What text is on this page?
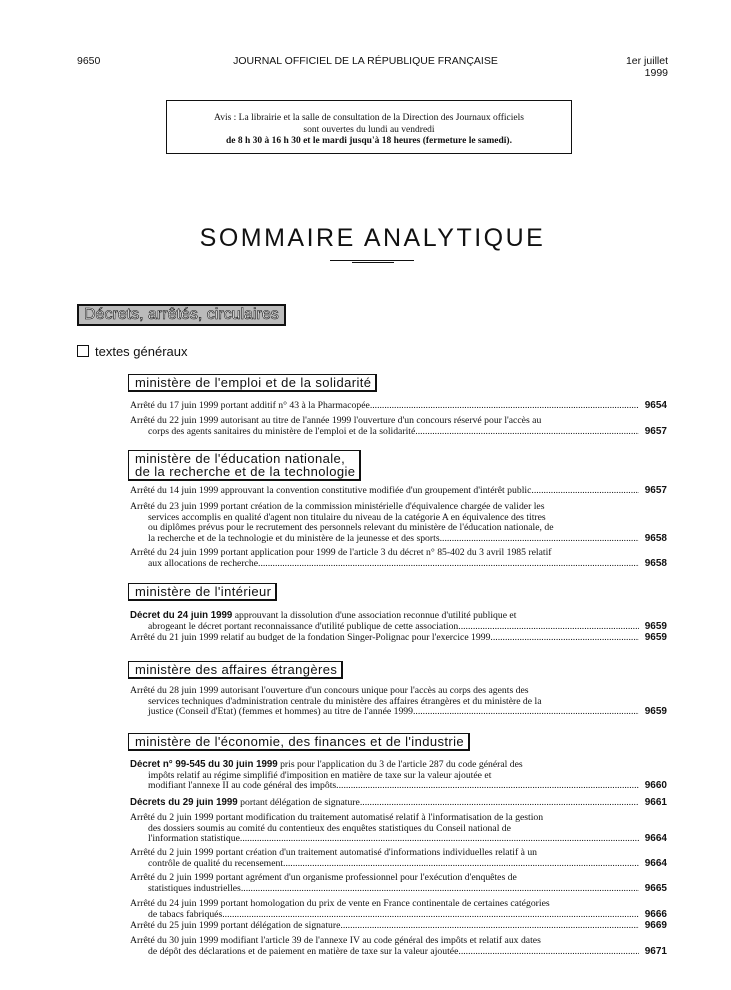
9650	JOURNAL OFFICIEL DE LA RÉPUBLIQUE FRANÇAISE	1er juillet 1999
Avis : La librairie et la salle de consultation de la Direction des Journaux officiels
sont ouvertes du lundi au vendredi
de 8 h 30 à 16 h 30 et le mardi jusqu'à 18 heures (fermeture le samedi).
SOMMAIRE ANALYTIQUE
Décrets, arrêtés, circulaires
textes généraux
ministère de l'emploi et de la solidarité
Arrêté du 17 juin 1999 portant additif n° 43 à la Pharmacopée .....	9654
Arrêté du 22 juin 1999 autorisant au titre de l'année 1999 l'ouverture d'un concours réservé pour l'accès au
corps des agents sanitaires du ministère de l'emploi et de la solidarité .....	9657
ministère de l'éducation nationale,
de la recherche et de la technologie
Arrêté du 14 juin 1999 approuvant la convention constitutive modifiée d'un groupement d'intérêt public .....	9657
Arrêté du 23 juin 1999 portant création de la commission ministérielle d'équivalence chargée de valider les
services accomplis en qualité d'agent non titulaire du niveau de la catégorie A en équivalence des titres
ou diplômes prévus pour le recrutement des personnels relevant du ministère de l'éducation nationale, de
la recherche et de la technologie et du ministère de la jeunesse et des sports .....	9658
Arrêté du 24 juin 1999 portant application pour 1999 de l'article 3 du décret n° 85-402 du 3 avril 1985 relatif
aux allocations de recherche .....	9658
ministère de l'intérieur
Décret du 24 juin 1999 approuvant la dissolution d'une association reconnue d'utilité publique et
abrogeant le décret portant reconnaissance d'utilité publique de cette association .....	9659
Arrêté du 21 juin 1999 relatif au budget de la fondation Singer-Polignac pour l'exercice 1999 .....	9659
ministère des affaires étrangères
Arrêté du 28 juin 1999 autorisant l'ouverture d'un concours unique pour l'accès au corps des agents des
services techniques d'administration centrale du ministère des affaires étrangères et du ministère de la
justice (Conseil d'Etat) (femmes et hommes) au titre de l'année 1999 .....	9659
ministère de l'économie, des finances et de l'industrie
Décret n° 99-545 du 30 juin 1999 pris pour l'application du 3 de l'article 287 du code général des
impôts relatif au régime simplifié d'imposition en matière de taxe sur la valeur ajoutée et
modifiant l'annexe II au code général des impôts .....	9660
Décrets du 29 juin 1999 portant délégation de signature .....	9661
Arrêté du 2 juin 1999 portant modification du traitement automatisé relatif à l'informatisation de la gestion
des dossiers soumis au comité du contentieux des enquêtes statistiques du Conseil national de
l'information statistique .....	9664
Arrêté du 2 juin 1999 portant création d'un traitement automatisé d'informations individuelles relatif à un
contrôle de qualité du recensement .....	9664
Arrêté du 2 juin 1999 portant agrément d'un organisme professionnel pour l'exécution d'enquêtes de
statistiques industrielles .....	9665
Arrêté du 24 juin 1999 portant homologation du prix de vente en France continentale de certaines catégories
de tabacs fabriqués .....	9666
Arrêté du 25 juin 1999 portant délégation de signature .....	9669
Arrêté du 30 juin 1999 modifiant l'article 39 de l'annexe IV au code général des impôts et relatif aux dates
de dépôt des déclarations et de paiement en matière de taxe sur la valeur ajoutée .....	9671
